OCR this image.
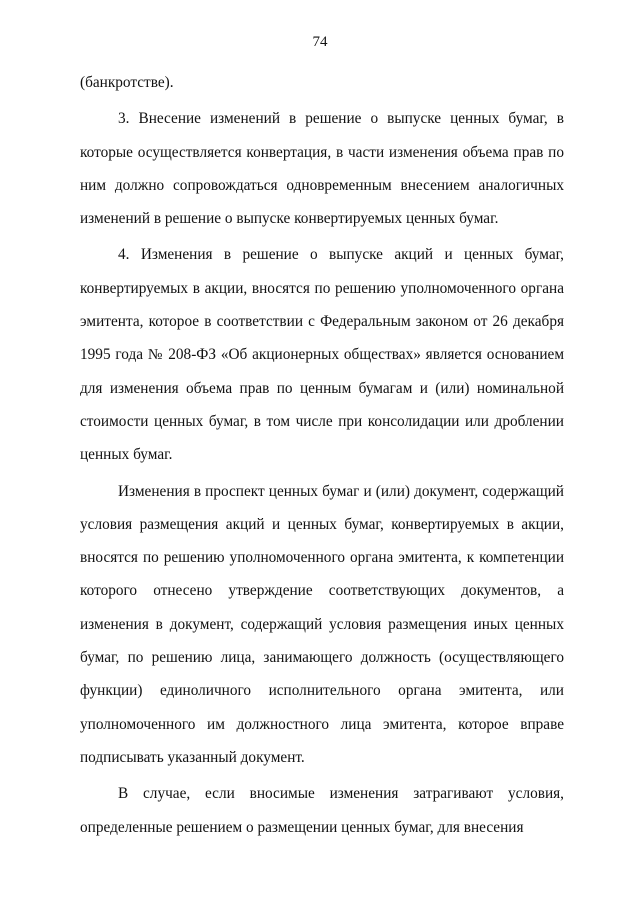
74

(банкротстве).

3. Внесение изменений в решение о выпуске ценных бумаг, в которые осуществляется конвертация, в части изменения объема прав по ним должно сопровождаться одновременным внесением аналогичных изменений в решение о выпуске конвертируемых ценных бумаг.

4. Изменения в решение о выпуске акций и ценных бумаг, конвертируемых в акции, вносятся по решению уполномоченного органа эмитента, которое в соответствии с Федеральным законом от 26 декабря 1995 года № 208-ФЗ «Об акционерных обществах» является основанием для изменения объема прав по ценным бумагам и (или) номинальной стоимости ценных бумаг, в том числе при консолидации или дроблении ценных бумаг.

Изменения в проспект ценных бумаг и (или) документ, содержащий условия размещения акций и ценных бумаг, конвертируемых в акции, вносятся по решению уполномоченного органа эмитента, к компетенции которого отнесено утверждение соответствующих документов, а изменения в документ, содержащий условия размещения иных ценных бумаг, по решению лица, занимающего должность (осуществляющего функции) единоличного исполнительного органа эмитента, или уполномоченного им должностного лица эмитента, которое вправе подписывать указанный документ.

В случае, если вносимые изменения затрагивают условия, определенные решением о размещении ценных бумаг, для внесения
